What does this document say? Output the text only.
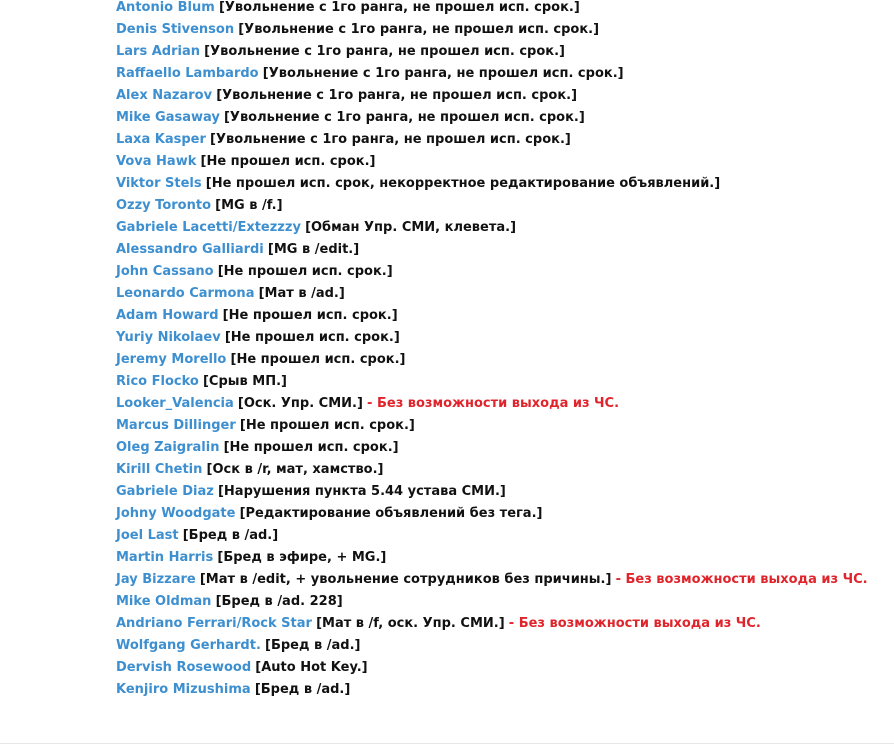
Antonio Blum [Увольнение с 1го ранга, не прошел исп. срок.]
Denis Stivenson [Увольнение с 1го ранга, не прошел исп. срок.]
Lars Adrian [Увольнение с 1го ранга, не прошел исп. срок.]
Raffaello Lambardo [Увольнение с 1го ранга, не прошел исп. срок.]
Alex Nazarov [Увольнение с 1го ранга, не прошел исп. срок.]
Mike Gasaway [Увольнение с 1го ранга, не прошел исп. срок.]
Laxa Kasper [Увольнение с 1го ранга, не прошел исп. срок.]
Vova Hawk [Не прошел исп. срок.]
Viktor Stels [Не прошел исп. срок, некорректное редактирование объявлений.]
Ozzy Toronto [MG в /f.]
Gabriele Lacetti/Extezzzy [Обман Упр. СМИ, клевета.]
Alessandro Galliardi [MG в /edit.]
John Cassano [Не прошел исп. срок.]
Leonardo Carmona [Мат в /ad.]
Adam Howard [Не прошел исп. срок.]
Yuriy Nikolaev [Не прошел исп. срок.]
Jeremy Morello [Не прошел исп. срок.]
Rico Flocko [Срыв МП.]
Looker_Valencia [Оск. Упр. СМИ.] - Без возможности выхода из ЧС.
Marcus Dillinger [Не прошел исп. срок.]
Oleg Zaigralin [Не прошел исп. срок.]
Kirill Chetin [Оск в /r, мат, хамство.]
Gabriele Diaz [Нарушения пункта 5.44 устава СМИ.]
Johny Woodgate [Редактирование объявлений без тега.]
Joel Last [Бред в /ad.]
Martin Harris [Бред в эфире, + MG.]
Jay Bizzare [Мат в /edit, + увольнение сотрудников без причины.] - Без возможности выхода из ЧС.
Mike Oldman [Бред в /ad. 228]
Andriano Ferrari/Rock Star [Мат в /f, оск. Упр. СМИ.] - Без возможности выхода из ЧС.
Wolfgang Gerhardt. [Бред в /ad.]
Dervish Rosewood [Auto Hot Key.]
Kenjiro Mizushima [Бред в /ad.]
